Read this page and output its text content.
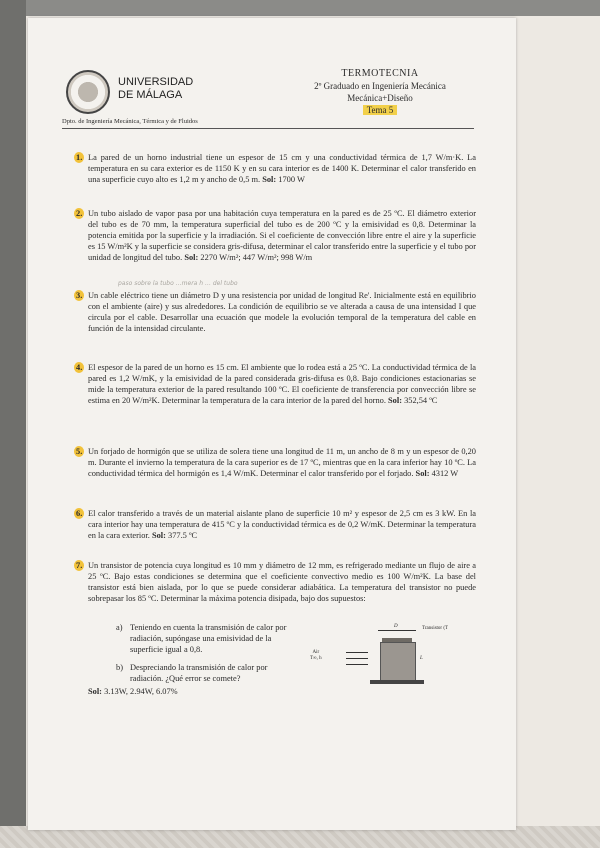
UNIVERSIDAD
DE MÁLAGA
TERMOTECNIA
2º Graduado en Ingeniería Mecánica
Mecánica+Diseño
Tema 5
Dpto. de Ingeniería Mecánica, Térmica y de Fluidos
1. La pared de un horno industrial tiene un espesor de 15 cm y una conductividad térmica de 1,7 W/m·K. La temperatura en su cara exterior es de 1150 K y en su cara interior es de 1400 K. Determinar el calor transferido en una superficie cuyo alto es 1,2 m y ancho de 0,5 m. Sol: 1700 W
2. Un tubo aislado de vapor pasa por una habitación cuya temperatura en la pared es de 25 ºC. El diámetro exterior del tubo es de 70 mm, la temperatura superficial del tubo es de 200 ºC y la emisividad es 0,8. Determinar la potencia emitida por la superficie y la irradiación. Si el coeficiente de convección libre entre el aire y la superficie es 15 W/m²K y la superficie se considera gris-difusa, determinar el calor transferido entre la superficie y el tubo por unidad de longitud del tubo. Sol: 2270 W/m²; 447 W/m²; 998 W/m
paso sobre la tubo …mera h … del tubo
3. Un cable eléctrico tiene un diámetro D y una resistencia por unidad de longitud Re'. Inicialmente está en equilibrio con el ambiente (aire) y sus alrededores. La condición de equilibrio se ve alterada a causa de una intensidad I que circula por el cable. Desarrollar una ecuación que modele la evolución temporal de la temperatura del cable en función de la intensidad circulante.
4. El espesor de la pared de un horno es 15 cm. El ambiente que lo rodea está a 25 ºC. La conductividad térmica de la pared es 1,2 W/mK, y la emisividad de la pared considerada gris-difusa es 0,8. Bajo condiciones estacionarias se mide la temperatura exterior de la pared resultando 100 ºC. El coeficiente de transferencia por convección libre se estima en 20 W/m²K. Determinar la temperatura de la cara interior de la pared del horno. Sol: 352,54 ºC
5. Un forjado de hormigón que se utiliza de solera tiene una longitud de 11 m, un ancho de 8 m y un espesor de 0,20 m. Durante el invierno la temperatura de la cara superior es de 17 ºC, mientras que en la cara inferior hay 10 ºC. La conductividad térmica del hormigón es 1,4 W/mK. Determinar el calor transferido por el forjado. Sol: 4312 W
6. El calor transferido a través de un material aislante plano de superficie 10 m² y espesor de 2,5 cm es 3 kW. En la cara interior hay una temperatura de 415 ºC y la conductividad térmica es de 0,2 W/mK. Determinar la temperatura en la cara exterior. Sol: 377.5 ºC
7. Un transistor de potencia cuya longitud es 10 mm y diámetro de 12 mm, es refrigerado mediante un flujo de aire a 25 ºC. Bajo estas condiciones se determina que el coeficiente convectivo medio es 100 W/m²K. La base del transistor está bien aislada, por lo que se puede considerar adiabática. La temperatura del transistor no puede sobrepasar los 85 ºC. Determinar la máxima potencia disipada, bajo dos supuestos:
a) Teniendo en cuenta la transmisión de calor por radiación, supóngase una emisividad de la superficie igual a 0,8.
b) Despreciando la transmisión de calor por radiación. ¿Qué error se comete?
Sol: 3.13W, 2.94W, 6.07%
D	Transistor (T
Air
T∞, h	L
